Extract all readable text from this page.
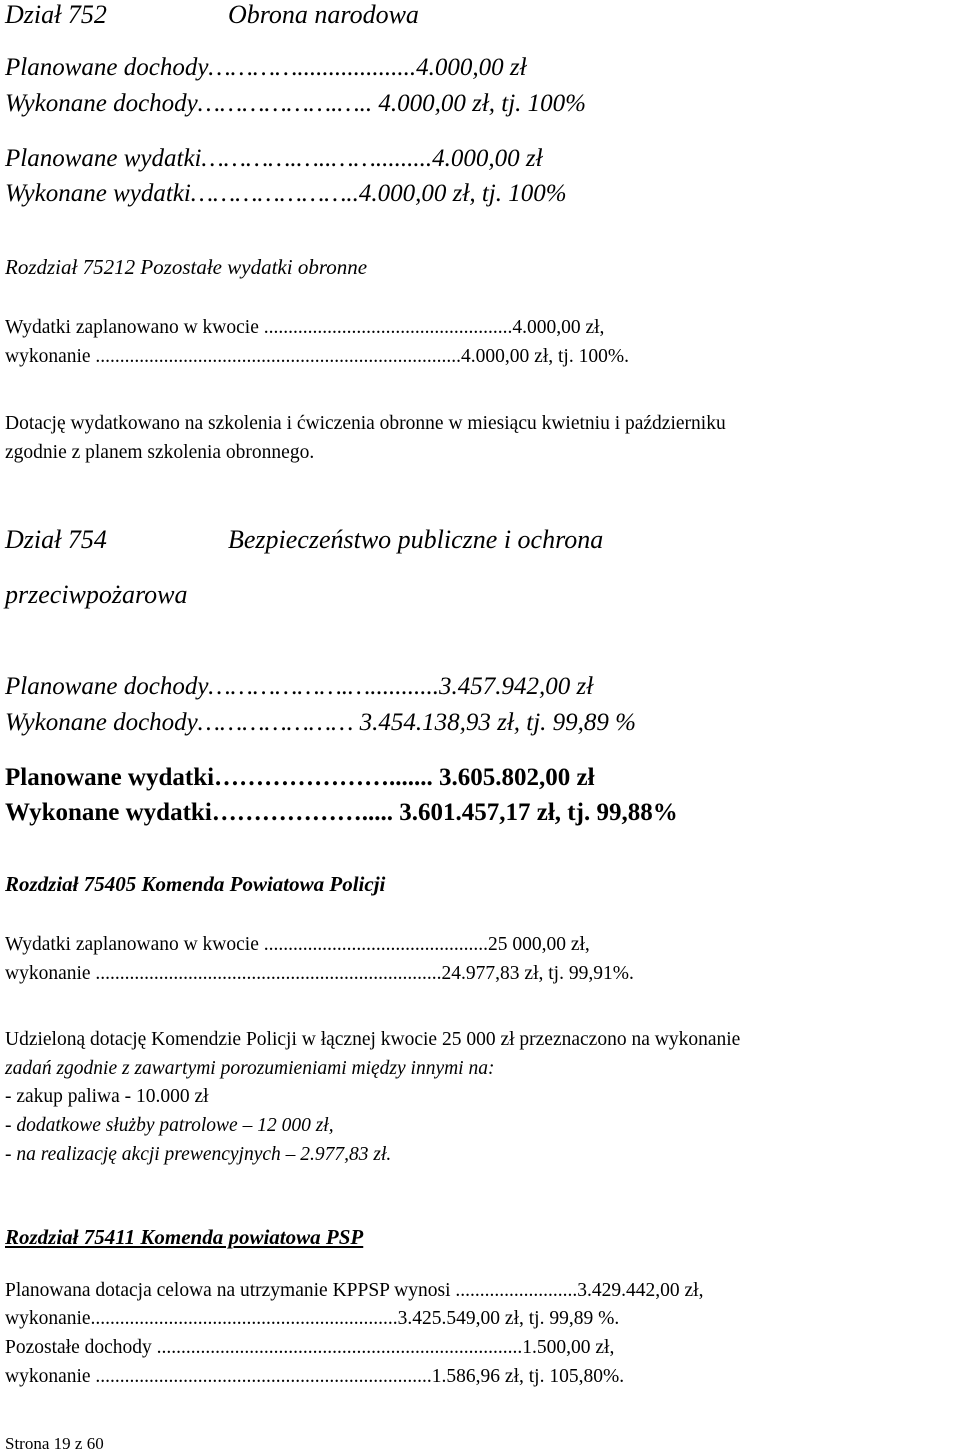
Dział 752	Obrona narodowa
Planowane dochody…………...................4.000,00 zł
Wykonane dochody……………….….. 4.000,00 zł, tj. 100%
Planowane wydatki………….…..…….........4.000,00 zł
Wykonane wydatki…………………..4.000,00 zł, tj. 100%
Rozdział 75212 Pozostałe wydatki obronne
Wydatki zaplanowano w kwocie ...................................................4.000,00 zł,
wykonanie ...........................................................................4.000,00 zł, tj. 100%.
Dotację wydatkowano na szkolenia i ćwiczenia obronne w miesiącu kwietniu i październiku
zgodnie z planem szkolenia obronnego.
Dział 754	Bezpieczeństwo publiczne i ochrona
przeciwpożarowa
Planowane dochody……………….…...........3.457.942,00 zł
Wykonane dochody………………… 3.454.138,93 zł, tj. 99,89 %
Planowane wydatki…………………....... 3.605.802,00 zł
Wykonane wydatki………………..... 3.601.457,17 zł, tj. 99,88%
Rozdział 75405 Komenda Powiatowa Policji
Wydatki zaplanowano w kwocie ..............................................25 000,00 zł,
wykonanie .......................................................................24.977,83 zł, tj. 99,91%.
Udzieloną dotację Komendzie Policji w łącznej kwocie 25 000 zł przeznaczono na wykonanie
zadań zgodnie z zawartymi porozumieniami między innymi na:
- zakup paliwa - 10.000 zł
- dodatkowe służby patrolowe – 12 000 zł,
- na realizację akcji prewencyjnych – 2.977,83 zł.
Rozdział 75411 Komenda powiatowa PSP
Planowana dotacja celowa na utrzymanie KPPSP wynosi .........................3.429.442,00 zł,
wykonanie...............................................................3.425.549,00 zł, tj. 99,89 %.
Pozostałe dochody ...........................................................................1.500,00 zł,
wykonanie .....................................................................1.586,96 zł, tj. 105,80%.
Strona 19 z 60
